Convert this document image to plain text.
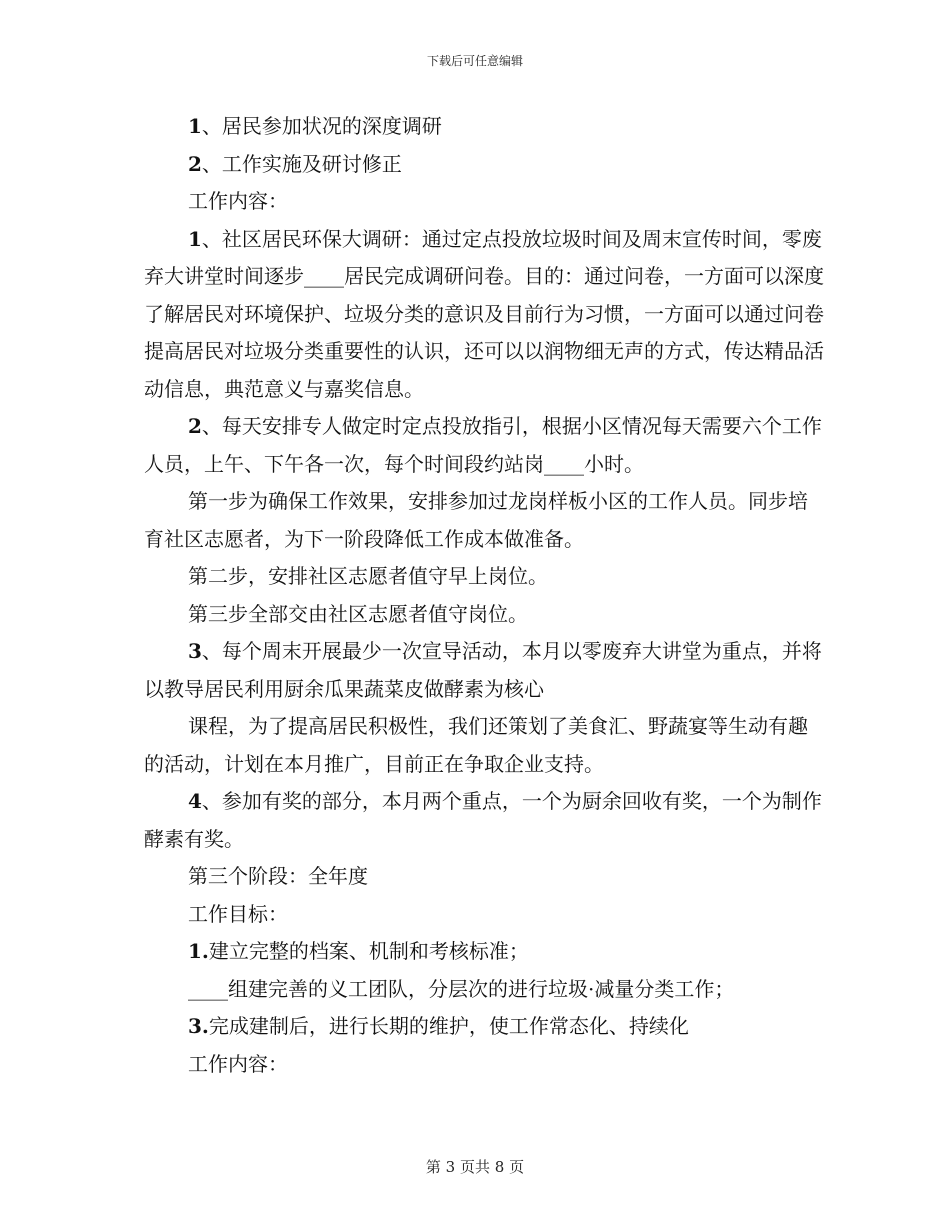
下载后可任意编辑

1、居民参加状况的深度调研

2、工作实施及研讨修正

工作内容：

1、社区居民环保大调研：通过定点投放垃圾时间及周末宣传时间，零废弃大讲堂时间逐步____居民完成调研问卷。目的：通过问卷，一方面可以深度了解居民对环境保护、垃圾分类的意识及目前行为习惯，一方面可以通过问卷提高居民对垃圾分类重要性的认识，还可以以润物细无声的方式，传达精品活动信息，典范意义与嘉奖信息。

2、每天安排专人做定时定点投放指引，根据小区情况每天需要六个工作人员，上午、下午各一次，每个时间段约站岗____小时。

第一步为确保工作效果，安排参加过龙岗样板小区的工作人员。同步培育社区志愿者，为下一阶段降低工作成本做准备。

第二步，安排社区志愿者值守早上岗位。

第三步全部交由社区志愿者值守岗位。

3、每个周末开展最少一次宣导活动，本月以零废弃大讲堂为重点，并将以教导居民利用厨余瓜果蔬菜皮做酵素为核心

课程，为了提高居民积极性，我们还策划了美食汇、野蔬宴等生动有趣的活动，计划在本月推广，目前正在争取企业支持。

4、参加有奖的部分，本月两个重点，一个为厨余回收有奖，一个为制作酵素有奖。

第三个阶段：全年度

工作目标：

1.建立完整的档案、机制和考核标准；

____组建完善的义工团队，分层次的进行垃圾·减量分类工作；

3.完成建制后，进行长期的维护，使工作常态化、持续化

工作内容：

第 3 页共 8 页
